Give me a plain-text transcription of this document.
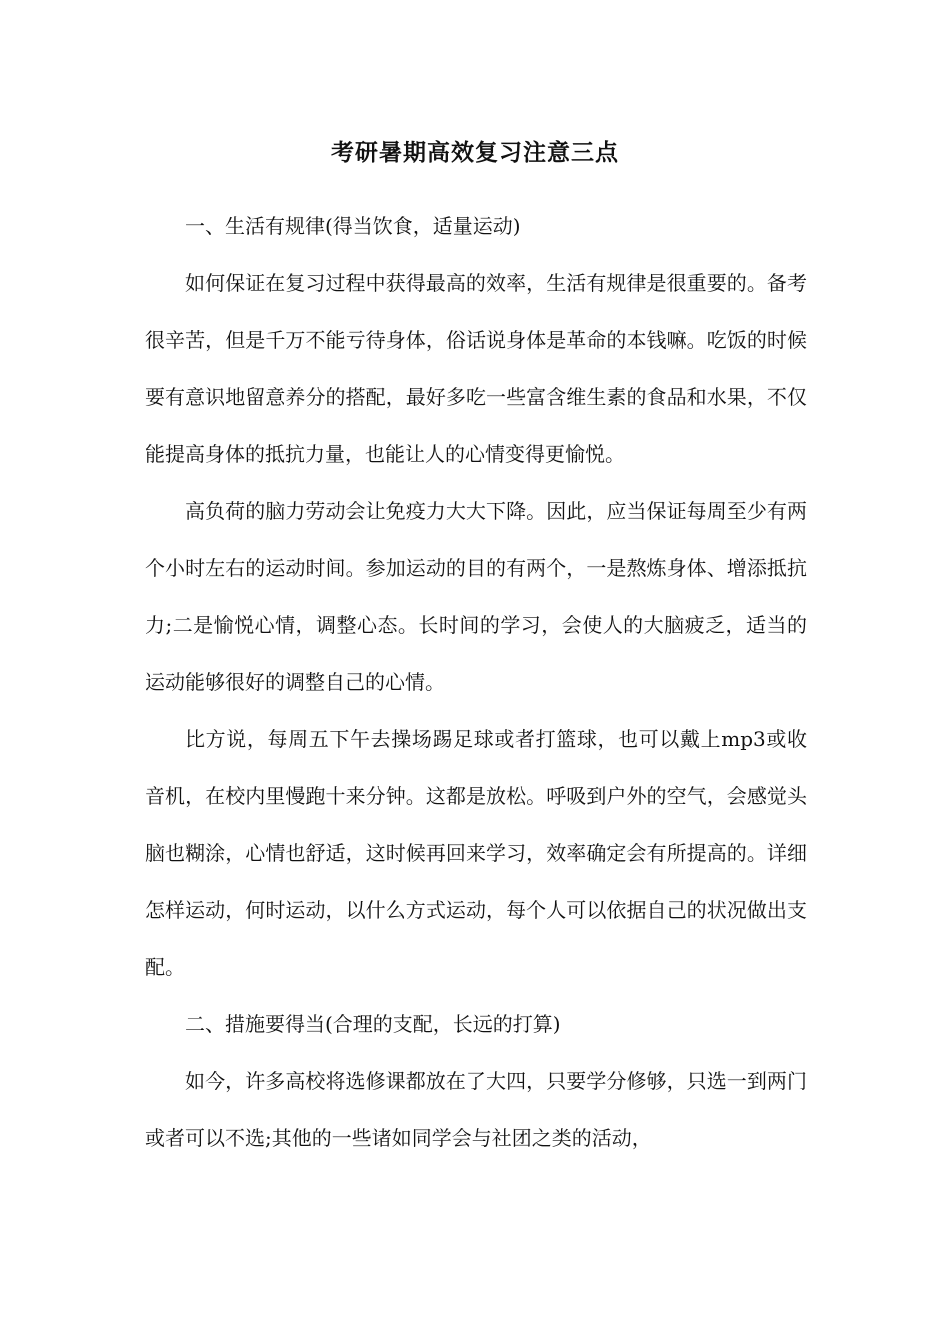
考研暑期高效复习注意三点

一、生活有规律(得当饮食，适量运动)

如何保证在复习过程中获得最高的效率，生活有规律是很重要的。备考很辛苦，但是千万不能亏待身体，俗话说身体是革命的本钱嘛。吃饭的时候要有意识地留意养分的搭配，最好多吃一些富含维生素的食品和水果，不仅能提高身体的抵抗力量，也能让人的心情变得更愉悦。

高负荷的脑力劳动会让免疫力大大下降。因此，应当保证每周至少有两个小时左右的运动时间。参加运动的目的有两个，一是熬炼身体、增添抵抗力;二是愉悦心情，调整心态。长时间的学习，会使人的大脑疲乏，适当的运动能够很好的调整自己的心情。

比方说，每周五下午去操场踢足球或者打篮球，也可以戴上mp3或收音机，在校内里慢跑十来分钟。这都是放松。呼吸到户外的空气，会感觉头脑也糊涂，心情也舒适，这时候再回来学习，效率确定会有所提高的。详细怎样运动，何时运动，以什么方式运动，每个人可以依据自己的状况做出支配。

二、措施要得当(合理的支配，长远的打算)

如今，许多高校将选修课都放在了大四，只要学分修够，只选一到两门或者可以不选;其他的一些诸如同学会与社团之类的活动，
